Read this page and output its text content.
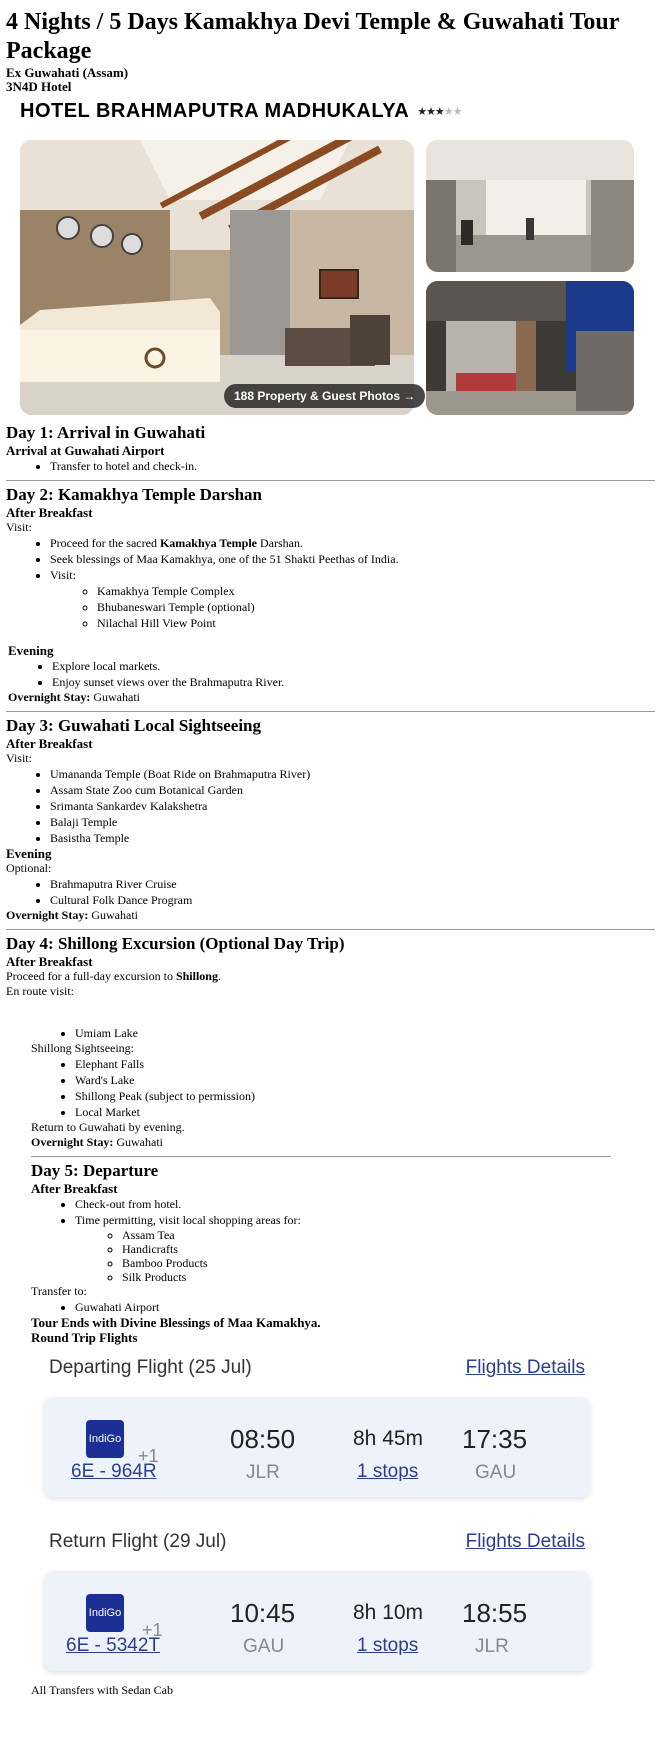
4 Nights / 5 Days Kamakhya Devi Temple & Guwahati Tour Package

Ex Guwahati (Assam)

3N4D Hotel

HOTEL BRAHMAPUTRA MADHUKALYA ★★★★★
188 Property & Guest Photos →
Day 1: Arrival in Guwahati
Arrival at Guwahati Airport
• Transfer to hotel and check-in.
Day 2: Kamakhya Temple Darshan
After Breakfast

Visit:

• Proceed for the sacred Kamakhya Temple Darshan.
• Seek blessings of Maa Kamakhya, one of the 51 Shakti Peethas of India.
• Visit:
◦ Kamakhya Temple Complex
◦ Bhubaneswari Temple (optional)
◦ Nilachal Hill View Point
Evening
• Explore local markets.
• Enjoy sunset views over the Brahmaputra River.

Overnight Stay: Guwahati

Day 3: Guwahati Local Sightseeing
After Breakfast

Visit:

• Umananda Temple (Boat Ride on Brahmaputra River)
• Assam State Zoo cum Botanical Garden
• Srimanta Sankardev Kalakshetra
• Balaji Temple
• Basistha Temple
Evening

Optional:

• Brahmaputra River Cruise
• Cultural Folk Dance Program

Overnight Stay: Guwahati

Day 4: Shillong Excursion (Optional Day Trip)
After Breakfast

Proceed for a full-day excursion to Shillong.

En route visit:

• Umiam Lake

Shillong Sightseeing:

• Elephant Falls
• Ward's Lake
• Shillong Peak (subject to permission)
• Local Market

Return to Guwahati by evening.

Overnight Stay: Guwahati

Day 5: Departure
After Breakfast
• Check-out from hotel.
• Time permitting, visit local shopping areas for:
◦ Assam Tea
◦ Handicrafts
◦ Bamboo Products
◦ Silk Products

Transfer to:

• Guwahati Airport
Tour Ends with Divine Blessings of Maa Kamakhya.
Round Trip Flights
Departing Flight (25 Jul)	Flights Details
IndiGo
+1
6E - 964R
08:50
JLR
8h 45m
1 stops
17:35
GAU
Return Flight (29 Jul)	Flights Details
IndiGo
+1
6E - 5342T
10:45
GAU
8h 10m
1 stops
18:55
JLR

All Transfers with Sedan Cab
